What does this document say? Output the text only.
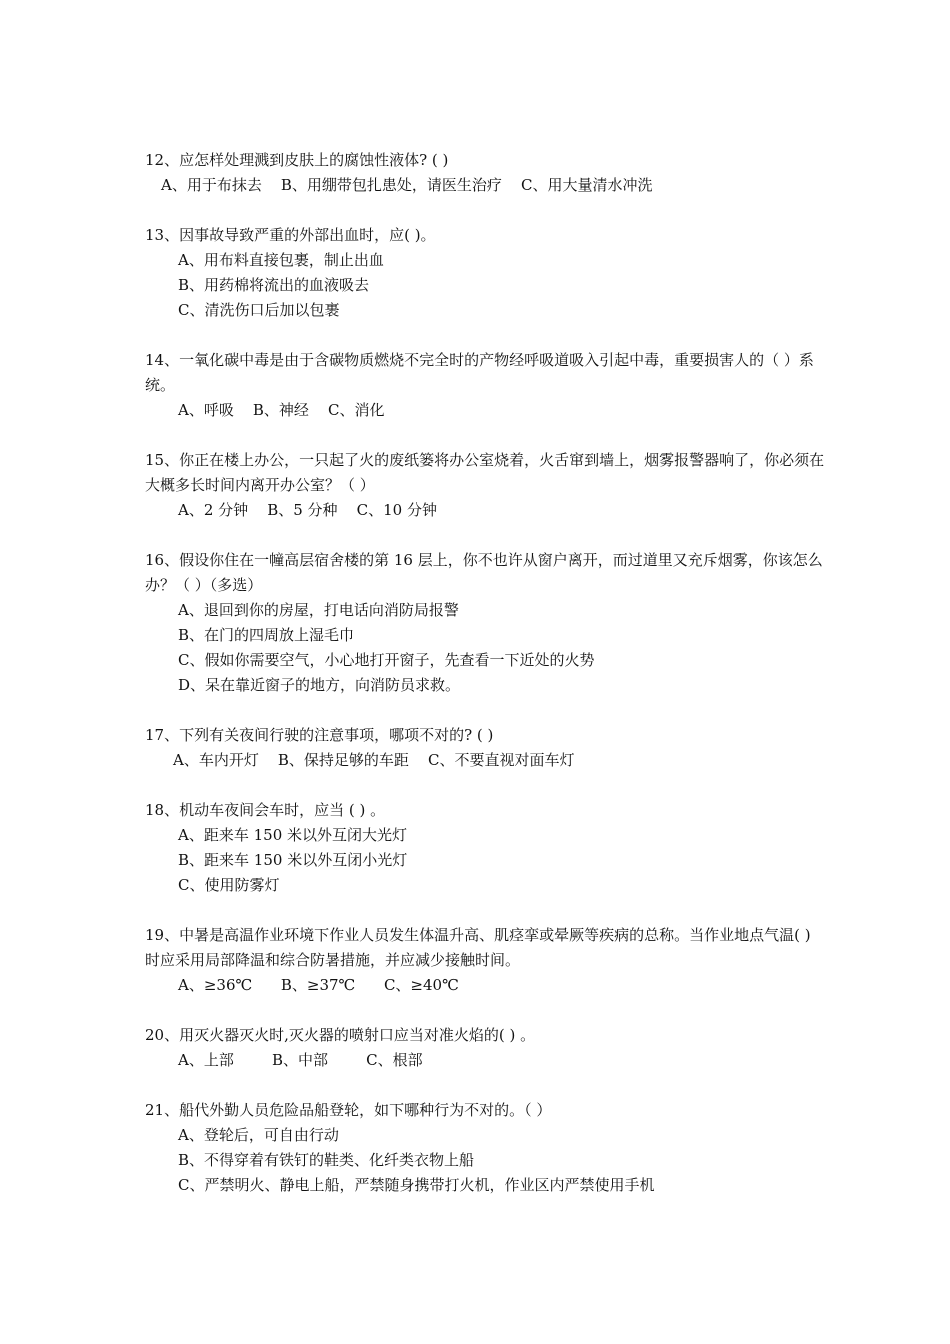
12、应怎样处理溅到皮肤上的腐蚀性液体? ( )

A、用于布抹去    B、用绷带包扎患处，请医生治疗    C、用大量清水冲洗

13、因事故导致严重的外部出血时，应( )。

A、用布料直接包裹，制止出血

B、用药棉将流出的血液吸去

C、清洗伤口后加以包裹

14、一氧化碳中毒是由于含碳物质燃烧不完全时的产物经呼吸道吸入引起中毒，重要损害人的（ ）系统。

A、呼吸    B、神经    C、消化

15、你正在楼上办公，一只起了火的废纸篓将办公室烧着，火舌窜到墙上，烟雾报警器响了，你必须在大概多长时间内离开办公室？（ ）

A、2 分钟    B、5 分种    C、10 分钟

16、假设你住在一幢高层宿舍楼的第 16 层上，你不也许从窗户离开，而过道里又充斥烟雾，你该怎么办？（ ）（多选）

A、退回到你的房屋，打电话向消防局报警

B、在门的四周放上湿毛巾

C、假如你需要空气，小心地打开窗子，先查看一下近处的火势

D、呆在靠近窗子的地方，向消防员求救。

17、下列有关夜间行驶的注意事项，哪项不对的? ( )

A、车内开灯    B、保持足够的车距    C、不要直视对面车灯

18、机动车夜间会车时，应当 ( ) 。

A、距来车 150 米以外互闭大光灯

B、距来车 150 米以外互闭小光灯

C、使用防雾灯

19、中暑是高温作业环境下作业人员发生体温升高、肌痉挛或晕厥等疾病的总称。当作业地点气温( )时应采用局部降温和综合防暑措施，并应减少接触时间。

A、≥36℃      B、≥37℃      C、≥40℃

20、用灭火器灭火时,灭火器的喷射口应当对准火焰的( ) 。

A、上部        B、中部        C、根部

21、船代外勤人员危险品船登轮，如下哪种行为不对的。（ ）

A、登轮后，可自由行动

B、不得穿着有铁钉的鞋类、化纤类衣物上船

C、严禁明火、静电上船，严禁随身携带打火机，作业区内严禁使用手机
